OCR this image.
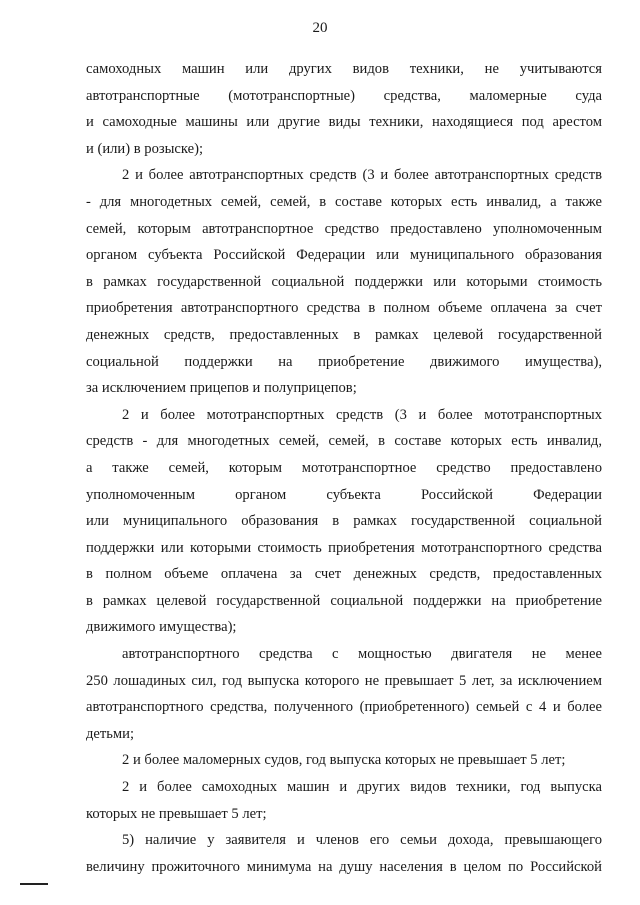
20
самоходных машин или других видов техники, не учитываются
автотранспортные (мототранспортные) средства, маломерные суда
и самоходные машины или другие виды техники, находящиеся под арестом
и (или) в розыске);
2 и более автотранспортных средств (3 и более автотранспортных средств
- для многодетных семей, семей, в составе которых есть инвалид, а также
семей, которым автотранспортное средство предоставлено уполномоченным
органом субъекта Российской Федерации или муниципального образования
в рамках государственной социальной поддержки или которыми стоимость
приобретения автотранспортного средства в полном объеме оплачена за счет
денежных средств, предоставленных в рамках целевой государственной
социальной поддержки на приобретение движимого имущества),
за исключением прицепов и полуприцепов;
2 и более мототранспортных средств (3 и более мототранспортных
средств - для многодетных семей, семей, в составе которых есть инвалид,
а также семей, которым мототранспортное средство предоставлено
уполномоченным органом субъекта Российской Федерации
или муниципального образования в рамках государственной социальной
поддержки или которыми стоимость приобретения мототранспортного средства
в полном объеме оплачена за счет денежных средств, предоставленных
в рамках целевой государственной социальной поддержки на приобретение
движимого имущества);
автотранспортного средства с мощностью двигателя не менее
250 лошадиных сил, год выпуска которого не превышает 5 лет, за исключением
автотранспортного средства, полученного (приобретенного) семьей с 4 и более
детьми;
2 и более маломерных судов, год выпуска которых не превышает 5 лет;
2 и более самоходных машин и других видов техники, год выпуска
которых не превышает 5 лет;
5) наличие у заявителя и членов его семьи дохода, превышающего
величину прожиточного минимума на душу населения в целом по Российской
